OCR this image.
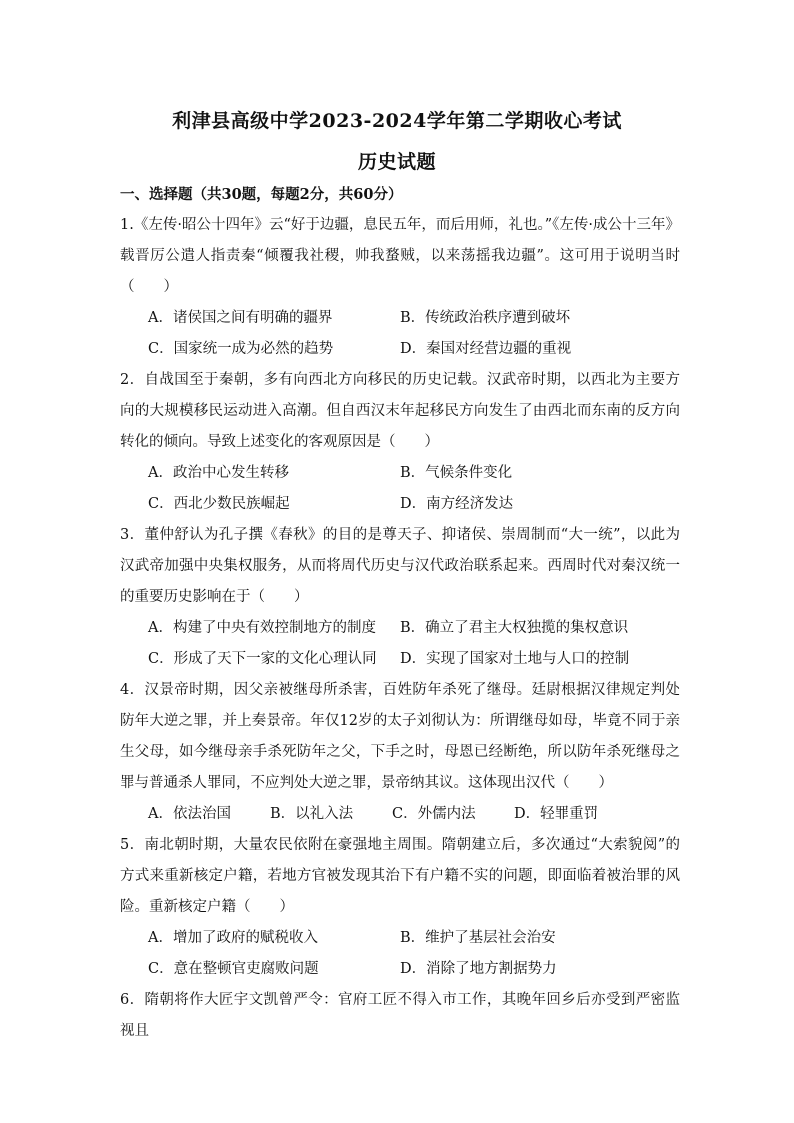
利津县高级中学2023-2024学年第二学期收心考试
历史试题
一、选择题（共30题，每题2分，共60分）

1.《左传·昭公十四年》云“好于边疆，息民五年，而后用师，礼也。”《左传·成公十三年》载晋厉公遣人指责秦“倾覆我社稷，帅我蝥贼，以来荡摇我边疆”。这可用于说明当时（　　）

A．诸侯国之间有明确的疆界	B．传统政治秩序遭到破坏
C．国家统一成为必然的趋势	D．秦国对经营边疆的重视

2．自战国至于秦朝，多有向西北方向移民的历史记载。汉武帝时期，以西北为主要方向的大规模移民运动进入高潮。但自西汉末年起移民方向发生了由西北而东南的反方向转化的倾向。导致上述变化的客观原因是（　　）

A．政治中心发生转移	B．气候条件变化
C．西北少数民族崛起	D．南方经济发达

3．董仲舒认为孔子撰《春秋》的目的是尊天子、抑诸侯、崇周制而“大一统”，以此为汉武帝加强中央集权服务，从而将周代历史与汉代政治联系起来。西周时代对秦汉统一的重要历史影响在于（　　）

A．构建了中央有效控制地方的制度	B．确立了君主大权独揽的集权意识
C．形成了天下一家的文化心理认同	D．实现了国家对土地与人口的控制

4．汉景帝时期，因父亲被继母所杀害，百姓防年杀死了继母。廷尉根据汉律规定判处防年大逆之罪，并上奏景帝。年仅12岁的太子刘彻认为：所谓继母如母，毕竟不同于亲生父母，如今继母亲手杀死防年之父，下手之时，母恩已经断绝，所以防年杀死继母之罪与普通杀人罪同，不应判处大逆之罪，景帝纳其议。这体现出汉代（　　）

A．依法治国	B．以礼入法	C．外儒内法	D．轻罪重罚

5．南北朝时期，大量农民依附在豪强地主周围。隋朝建立后，多次通过“大索貌阅”的方式来重新核定户籍，若地方官被发现其治下有户籍不实的问题，即面临着被治罪的风险。重新核定户籍（　　）

A．增加了政府的赋税收入	B．维护了基层社会治安
C．意在整顿官吏腐败问题	D．消除了地方割据势力

6．隋朝将作大匠宇文凯曾严令：官府工匠不得入市工作，其晚年回乡后亦受到严密监视且
